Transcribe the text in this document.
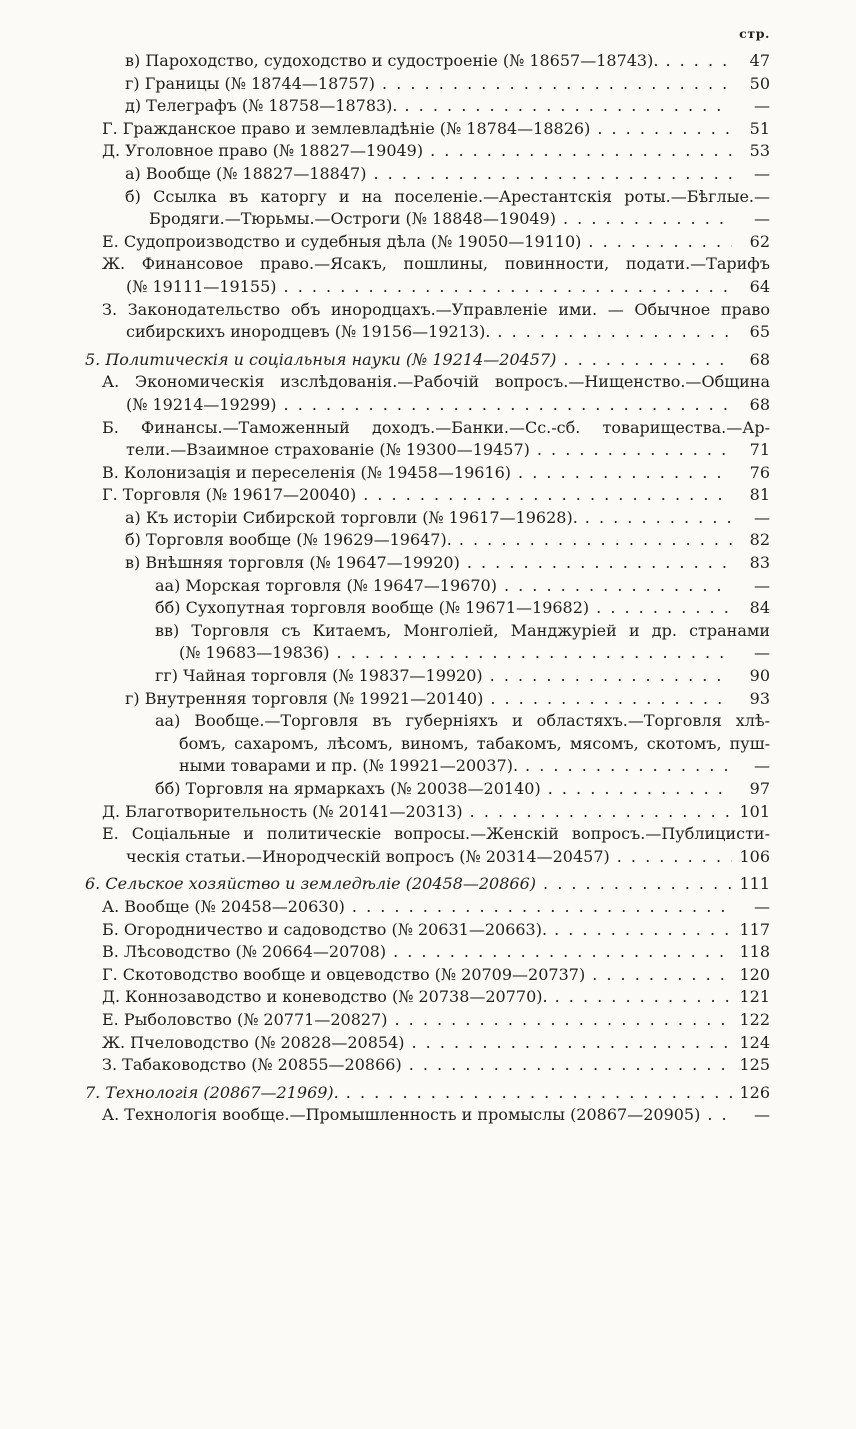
стр.
в) Пароходство, судоходство и судостроеніе (№ 18657—18743). . . .	47
г) Границы (№ 18744—18757) . . .	50
д) Телеграфъ (№ 18758—18783). . . .	—
Г. Гражданское право и землевладѣніе (№ 18784—18826) . . .	51
Д. Уголовное право (№ 18827—19049) . . .	53
а) Вообще (№ 18827—18847) . . .	—
б) Ссылка въ каторгу и на поселеніе.—Арестантскія роты.—Бѣглые.—
Бродяги.—Тюрьмы.—Остроги (№ 18848—19049) . . .	—
Е. Судопроизводство и судебныя дѣла (№ 19050—19110) . . .	62
Ж. Финансовое право.—Ясакъ, пошлины, повинности, подати.—Тарифъ
(№ 19111—19155) . . .	64
З. Законодательство объ инородцахъ.—Управленіе ими. — Обычное право
сибирскихъ инородцевъ (№ 19156—19213). . . .	65
5. Политическія и соціальныя науки (№ 19214—20457) . . .	68
А. Экономическія изслѣдованія.—Рабочій вопросъ.—Нищенство.—Община
(№ 19214—19299) . . .	68
Б. Финансы.—Таможенный доходъ.—Банки.—Сс.-сб. товарищества.—Ар-
тели.—Взаимное страхованіе (№ 19300—19457) . . .	71
В. Колонизація и переселенія (№ 19458—19616) . . .	76
Г. Торговля (№ 19617—20040) . . .	81
а) Къ исторіи Сибирской торговли (№ 19617—19628). . . .	—
б) Торговля вообще (№ 19629—19647). . . .	82
в) Внѣшняя торговля (№ 19647—19920) . . .	83
аа) Морская торговля (№ 19647—19670) . . .	—
бб) Сухопутная торговля вообще (№ 19671—19682) . . .	84
вв) Торговля съ Китаемъ, Монголіей, Манджуріей и др. странами
(№ 19683—19836) . . .	—
гг) Чайная торговля (№ 19837—19920) . . .	90
г) Внутренняя торговля (№ 19921—20140) . . .	93
аа) Вообще.—Торговля въ губерніяхъ и областяхъ.—Торговля хлѣ-
бомъ, сахаромъ, лѣсомъ, виномъ, табакомъ, мясомъ, скотомъ, пуш-
ными товарами и пр. (№ 19921—20037). . . .	—
бб) Торговля на ярмаркахъ (№ 20038—20140) . . .	97
Д. Благотворительность (№ 20141—20313) . . .	101
Е. Соціальные и политическіе вопросы.—Женскій вопросъ.—Публицисти-
ческія статьи.—Инородческій вопросъ (№ 20314—20457) . . .	106
6. Сельское хозяйство и земледѣліе (20458—20866) . . .	111
А. Вообще (№ 20458—20630) . . .	—
Б. Огородничество и садоводство (№ 20631—20663). . . .	117
В. Лѣсоводство (№ 20664—20708) . . .	118
Г. Скотоводство вообще и овцеводство (№ 20709—20737) . . .	120
Д. Коннозаводство и коневодство (№ 20738—20770). . . .	121
Е. Рыболовство (№ 20771—20827) . . .	122
Ж. Пчеловодство (№ 20828—20854) . . .	124
З. Табаководство (№ 20855—20866) . . .	125
7. Технологія (20867—21969). . . .	126
А. Технологія вообще.—Промышленность и промыслы (20867—20905) . . .	—
